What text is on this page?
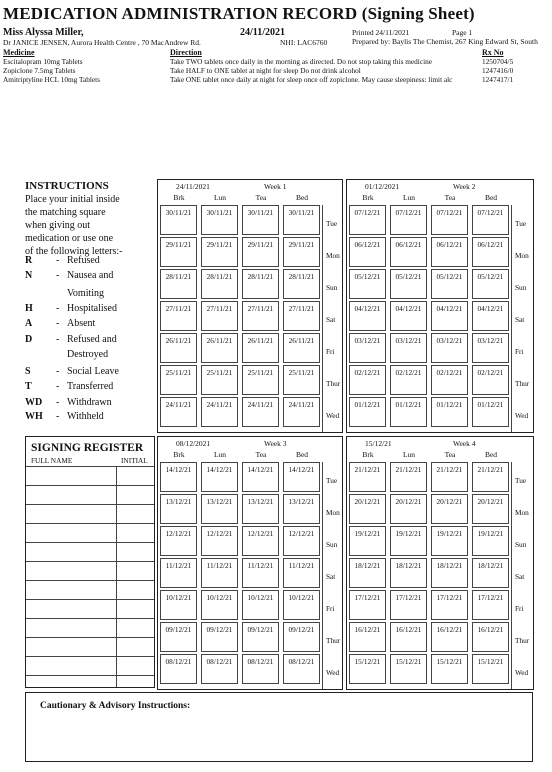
MEDICATION ADMINISTRATION RECORD (Signing Sheet)
Miss Alyssa Miller,	24/11/2021	Printed 24/11/2021	Page 1
Dr JANICE JENSEN, Aurora Health Centre , 70 MacAndrew Rd.	NHI: LAC6760	Prepared by: Baylis The Chemist, 267 King Edward St, South
Medicine	Direction	Rx No
Escitalopram 10mg Tablets	Take TWO tablets once daily in the morning as directed. Do not stop taking this medicine	1250704/5
Zopiclone 7.5mg Tablets	Take HALF to ONE tablet at night for sleep Do not drink alcohol	1247416/0
Amitriptyline HCL 10mg Tablets	Take ONE tablet once daily at night for sleep once off zopiclone. May cause sleepiness: limit alc	1247417/1
INSTRUCTIONS
Place your initial inside
the matching square
when giving out
medication or use one
of the following letters:-
R - Refused
N - Nausea and
Vomiting
H - Hospitalised
A - Absent
D - Refused and
Destroyed
S	- Social Leave
T - Transferred
WD - Withdrawn
WH - Withheld
24/11/2021	Week 1
Brk	Lun	Tea	Bed
30/11/21	30/11/21	30/11/21	30/11/21
Tue
29/11/21	29/11/21	29/11/21	29/11/21
Mon
28/11/21	28/11/21	28/11/21	28/11/21
Sun
27/11/21	27/11/21	27/11/21	27/11/21
Sat
26/11/21	26/11/21	26/11/21	26/11/21
Fri
25/11/21	25/11/21	25/11/21	25/11/21
Thur
24/11/21	24/11/21	24/11/21	24/11/21
Wed
01/12/2021	Week 2
Brk	Lun	Tea	Bed
07/12/21	07/12/21	07/12/21	07/12/21
Tue
06/12/21	06/12/21	06/12/21	06/12/21
Mon
05/12/21	05/12/21	05/12/21	05/12/21
Sun
04/12/21	04/12/21	04/12/21	04/12/21
Sat
03/12/21	03/12/21	03/12/21	03/12/21
Fri
02/12/21	02/12/21	02/12/21	02/12/21
Thur
01/12/21	01/12/21	01/12/21	01/12/21
Wed
08/12/2021	Week 3
Brk	Lun	Tea	Bed
14/12/21	14/12/21	14/12/21	14/12/21
Tue
13/12/21	13/12/21	13/12/21	13/12/21
Mon
12/12/21	12/12/21	12/12/21	12/12/21
Sun
11/12/21	11/12/21	11/12/21	11/12/21
Sat
10/12/21	10/12/21	10/12/21	10/12/21
Fri
09/12/21	09/12/21	09/12/21	09/12/21
Thur
08/12/21	08/12/21	08/12/21	08/12/21
Wed
15/12/21	Week 4
Brk	Lun	Tea	Bed
21/12/21	21/12/21	21/12/21	21/12/21
Tue
20/12/21	20/12/21	20/12/21	20/12/21
Mon
19/12/21	19/12/21	19/12/21	19/12/21
Sun
18/12/21	18/12/21	18/12/21	18/12/21
Sat
17/12/21	17/12/21	17/12/21	17/12/21
Fri
16/12/21	16/12/21	16/12/21	16/12/21
Thur
15/12/21	15/12/21	15/12/21	15/12/21
Wed
SIGNING REGISTER
FULL NAME	INITIAL
Cautionary & Advisory Instructions:
